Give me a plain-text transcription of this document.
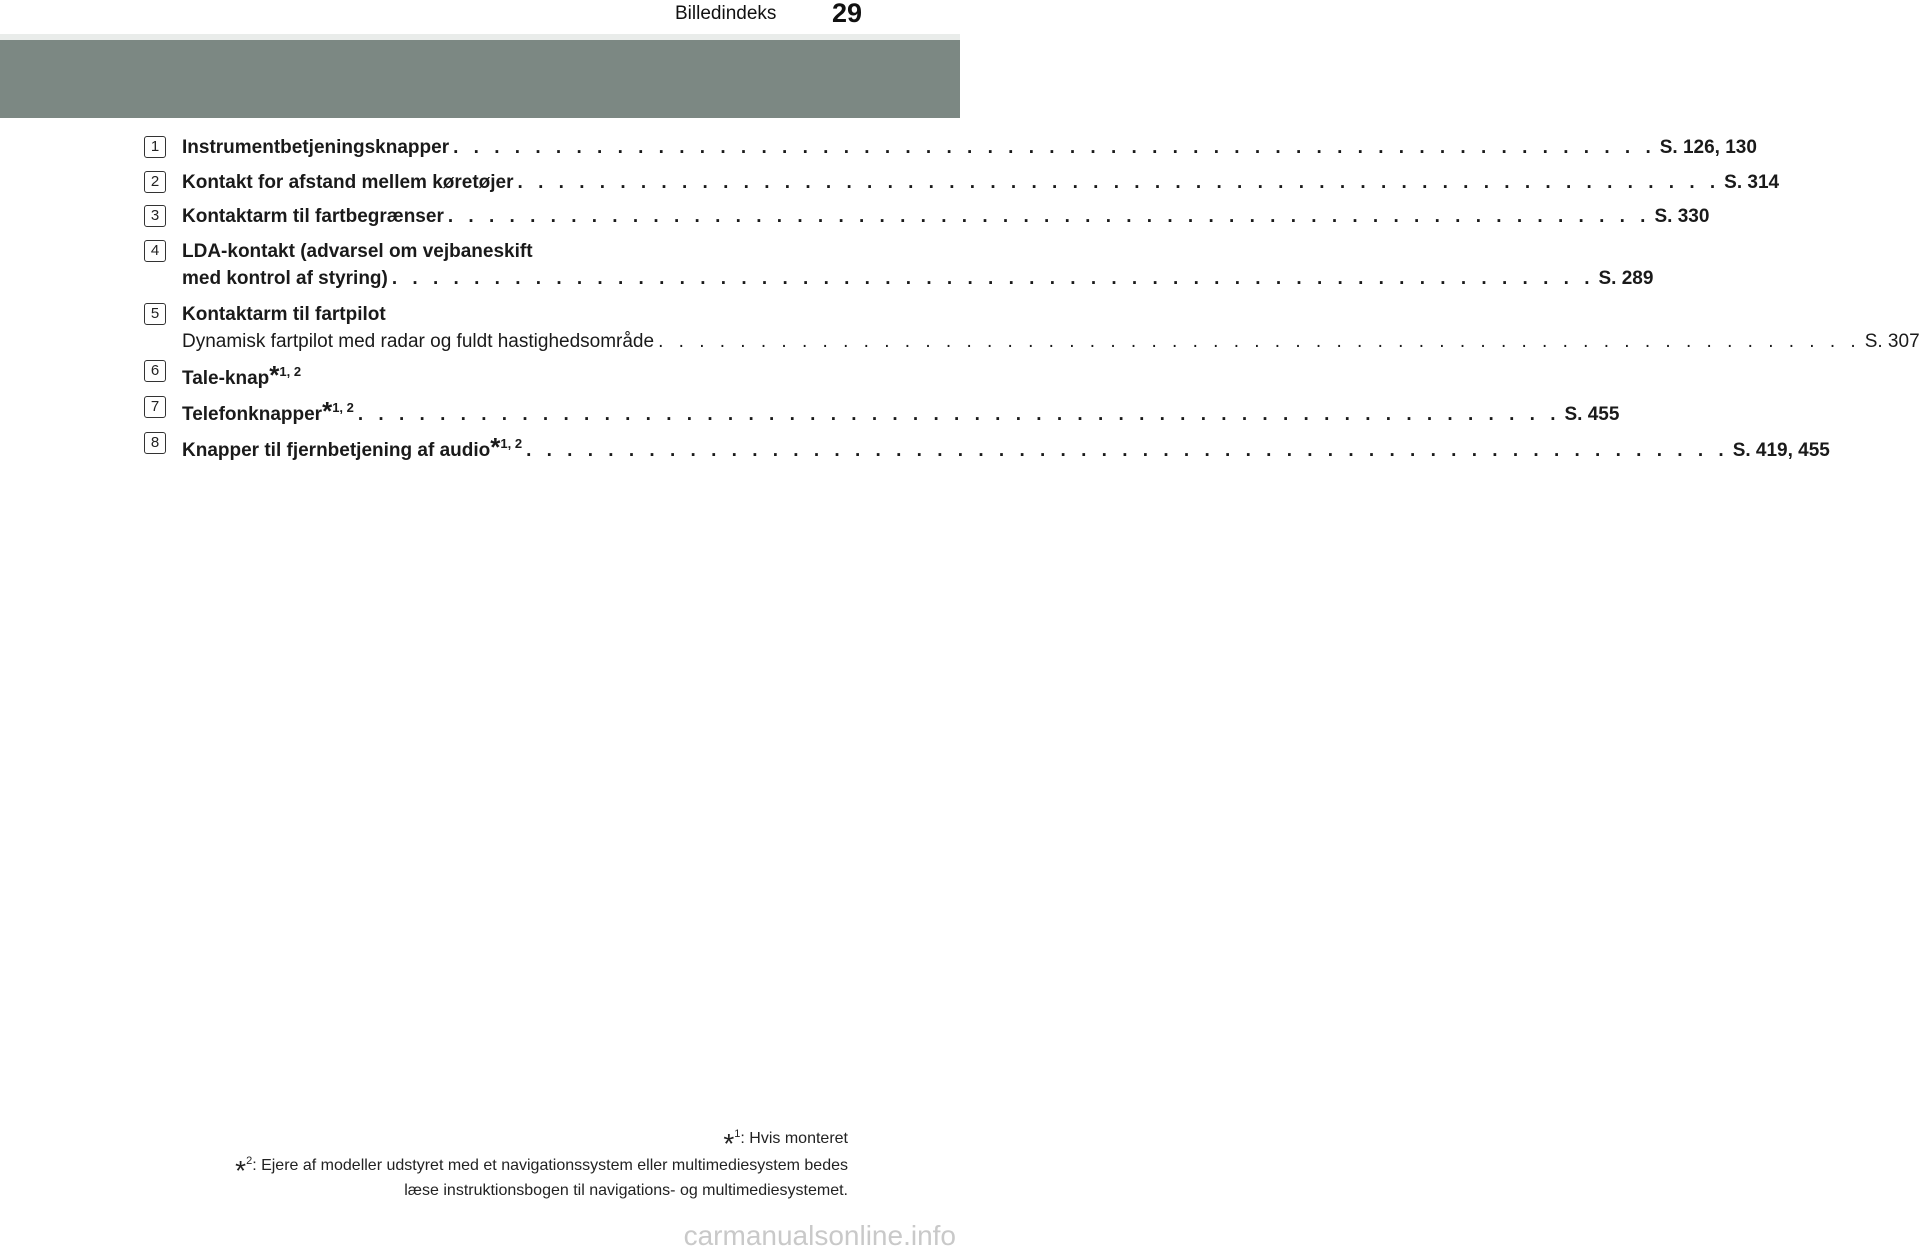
Billedindeks 29
1	Instrumentbetjeningsknapper . . . . . . . . . . . . . . . . . . . . . . . . . . . . . . . . . . . . . . . . . . . . . . . . . . . . . . . . . . . S. 126, 130
2	Kontakt for afstand mellem køretøjer . . . . . . . . . . . . . . . . . . . . . . . . . . . . . . . . . . . . . . . . . . . . . . . . . . . . . . . . . . . S. 314
3	Kontaktarm til fartbegrænser . . . . . . . . . . . . . . . . . . . . . . . . . . . . . . . . . . . . . . . . . . . . . . . . . . . . . . . . . . . S. 330
4	LDA-kontakt (advarsel om vejbaneskift
med kontrol af styring) . . . . . . . . . . . . . . . . . . . . . . . . . . . . . . . . . . . . . . . . . . . . . . . . . . . . . . . . . . . S. 289
5	Kontaktarm til fartpilot
Dynamisk fartpilot med radar og fuldt hastighedsområde . . . . . . . . . . . . . . . . . . . . . . . . . . . . . . . . . . . . . . . . . . . . . . . . . . . . . . . . . . . S. 307
6	Tale-knap$^{*1, 2}$
7	Telefonknapper$^{*1, 2}$ . . . . . . . . . . . . . . . . . . . . . . . . . . . . . . . . . . . . . . . . . . . . . . . . . . . . . . . . . . . S. 455
8	Knapper til fjernbetjening af audio$^{*1, 2}$ . . . . . . . . . . . . . . . . . . . . . . . . . . . . . . . . . . . . . . . . . . . . . . . . . . . . . . . . . . . S. 419, 455
*$^1$: Hvis monteret
*$^2$: Ejere af modeller udstyret med et navigationssystem eller multimediesystem bedes
læse instruktionsbogen til navigations- og multimediesystemet.
carmanualsonline.info
